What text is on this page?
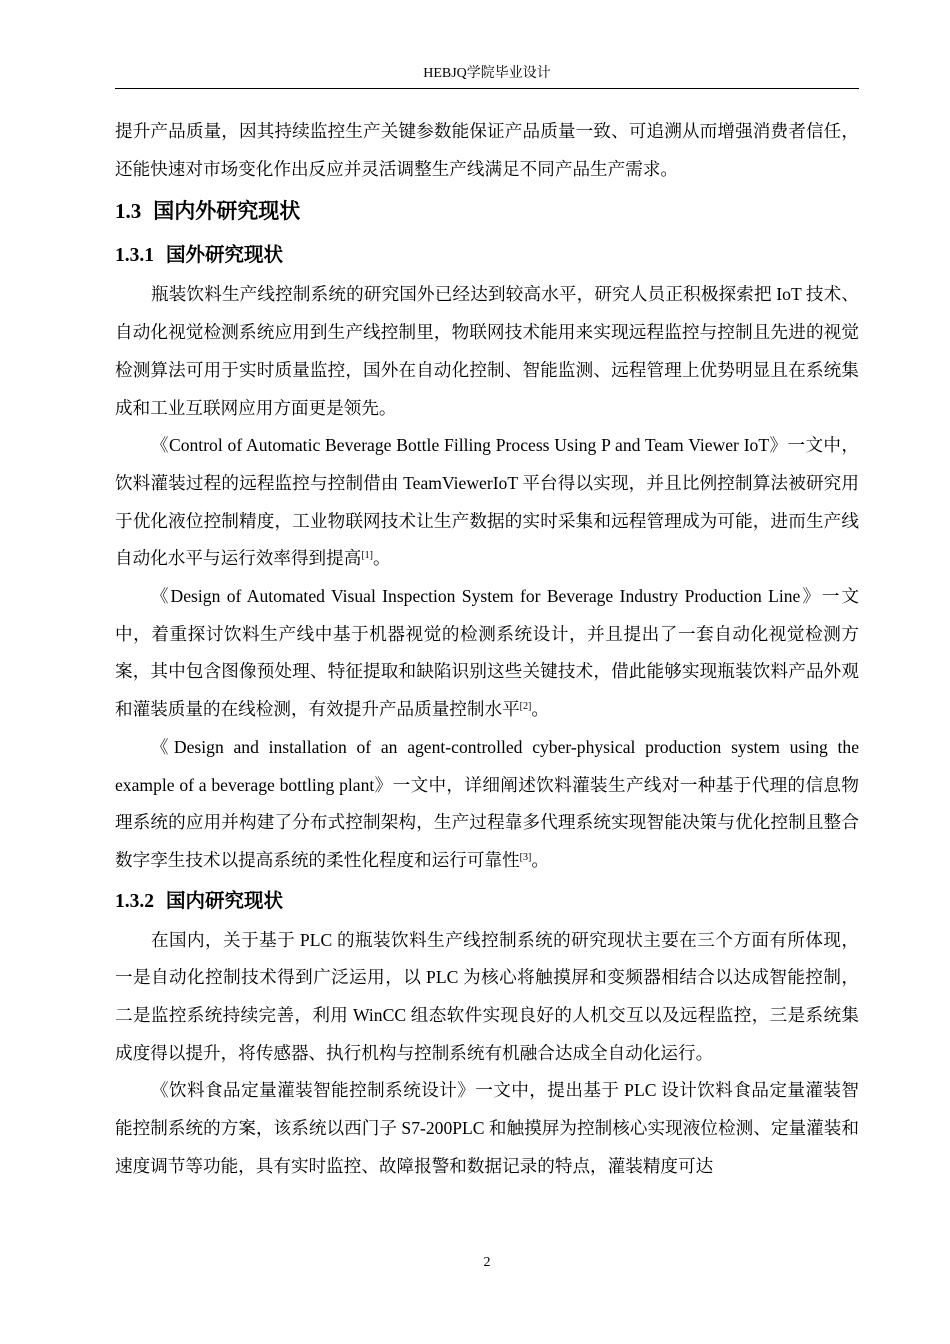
HEBJQ学院毕业设计

提升产品质量，因其持续监控生产关键参数能保证产品质量一致、可追溯从而增强消费者信任，还能快速对市场变化作出反应并灵活调整生产线满足不同产品生产需求。

1.3 国内外研究现状
1.3.1 国外研究现状

瓶装饮料生产线控制系统的研究国外已经达到较高水平，研究人员正积极探索把 IoT 技术、自动化视觉检测系统应用到生产线控制里，物联网技术能用来实现远程监控与控制且先进的视觉检测算法可用于实时质量监控，国外在自动化控制、智能监测、远程管理上优势明显且在系统集成和工业互联网应用方面更是领先。

《Control of Automatic Beverage Bottle Filling Process Using P and Team Viewer IoT》一文中，饮料灌装过程的远程监控与控制借由 TeamViewerIoT 平台得以实现，并且比例控制算法被研究用于优化液位控制精度，工业物联网技术让生产数据的实时采集和远程管理成为可能，进而生产线自动化水平与运行效率得到提高[1]。

《Design of Automated Visual Inspection System for Beverage Industry Production Line》一文中，着重探讨饮料生产线中基于机器视觉的检测系统设计，并且提出了一套自动化视觉检测方案，其中包含图像预处理、特征提取和缺陷识别这些关键技术，借此能够实现瓶装饮料产品外观和灌装质量的在线检测，有效提升产品质量控制水平[2]。

《Design and installation of an agent-controlled cyber-physical production system using the example of a beverage bottling plant》一文中，详细阐述饮料灌装生产线对一种基于代理的信息物理系统的应用并构建了分布式控制架构，生产过程靠多代理系统实现智能决策与优化控制且整合数字孪生技术以提高系统的柔性化程度和运行可靠性[3]。

1.3.2 国内研究现状

在国内，关于基于 PLC 的瓶装饮料生产线控制系统的研究现状主要在三个方面有所体现，一是自动化控制技术得到广泛运用，以 PLC 为核心将触摸屏和变频器相结合以达成智能控制，二是监控系统持续完善，利用 WinCC 组态软件实现良好的人机交互以及远程监控，三是系统集成度得以提升，将传感器、执行机构与控制系统有机融合达成全自动化运行。

《饮料食品定量灌装智能控制系统设计》一文中，提出基于 PLC 设计饮料食品定量灌装智能控制系统的方案，该系统以西门子 S7-200PLC 和触摸屏为控制核心实现液位检测、定量灌装和速度调节等功能，具有实时监控、故障报警和数据记录的特点，灌装精度可达

2
